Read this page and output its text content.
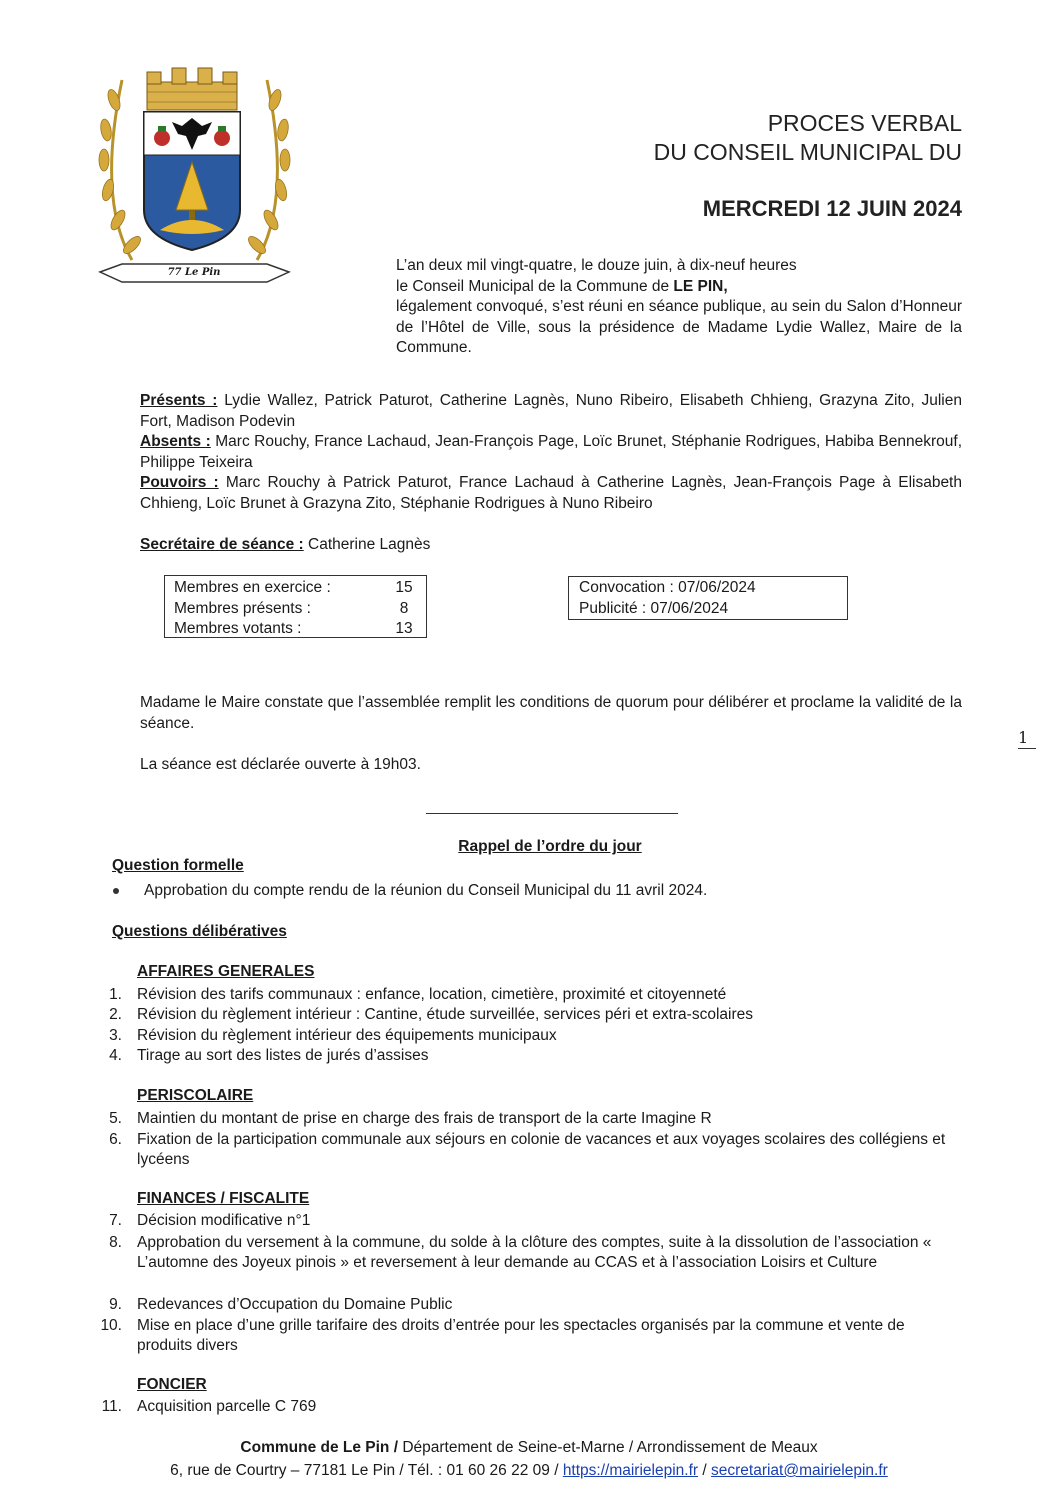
77 Le Pin
PROCES VERBAL
DU CONSEIL MUNICIPAL DU
MERCREDI 12 JUIN 2024
L’an deux mil vingt-quatre, le douze juin, à dix-neuf heures
le Conseil Municipal de la Commune de LE PIN,
légalement convoqué, s’est réuni en séance publique, au sein du Salon d’Honneur de l’Hôtel de Ville, sous la présidence de Madame Lydie Wallez, Maire de la Commune.
Présents : Lydie Wallez, Patrick Paturot, Catherine Lagnès, Nuno Ribeiro, Elisabeth Chhieng, Grazyna Zito, Julien Fort, Madison Podevin
Absents : Marc Rouchy, France Lachaud, Jean-François Page, Loïc Brunet, Stéphanie Rodrigues, Habiba Bennekrouf, Philippe Teixeira
Pouvoirs : Marc Rouchy à Patrick Paturot, France Lachaud à Catherine Lagnès, Jean-François Page à Elisabeth Chhieng, Loïc Brunet à Grazyna Zito, Stéphanie Rodrigues à Nuno Ribeiro
Secrétaire de séance : Catherine Lagnès
Membres en exercice :	15
Membres présents :	8
Membres votants :	13
Convocation : 07/06/2024
Publicité : 07/06/2024
Madame le Maire constate que l’assemblée remplit les conditions de quorum pour délibérer et proclame la validité de la séance.
La séance est déclarée ouverte à 19h03.
1
Rappel de l’ordre du jour
Question formelle
Approbation du compte rendu de la réunion du Conseil Municipal du 11 avril 2024.
Questions délibératives
AFFAIRES GENERALES
1. Révision des tarifs communaux : enfance, location, cimetière, proximité et citoyenneté
2. Révision du règlement intérieur : Cantine, étude surveillée, services péri et extra-scolaires
3. Révision du règlement intérieur des équipements municipaux
4. Tirage au sort des listes de jurés d’assises
PERISCOLAIRE
5. Maintien du montant de prise en charge des frais de transport de la carte Imagine R
6. Fixation de la participation communale aux séjours en colonie de vacances et aux voyages scolaires des collégiens et lycéens
FINANCES / FISCALITE
7. Décision modificative n°1
8. Approbation du versement à la commune, du solde à la clôture des comptes, suite à la dissolution de l’association « L’automne des Joyeux pinois » et reversement à leur demande au CCAS et à l’association Loisirs et Culture
9. Redevances d’Occupation du Domaine Public
10. Mise en place d’une grille tarifaire des droits d’entrée pour les spectacles organisés par la commune et vente de produits divers
FONCIER
11. Acquisition parcelle C 769
Commune de Le Pin / Département de Seine-et-Marne / Arrondissement de Meaux
6, rue de Courtry – 77181 Le Pin / Tél. : 01 60 26 22 09 / https://mairielepin.fr / secretariat@mairielepin.fr
